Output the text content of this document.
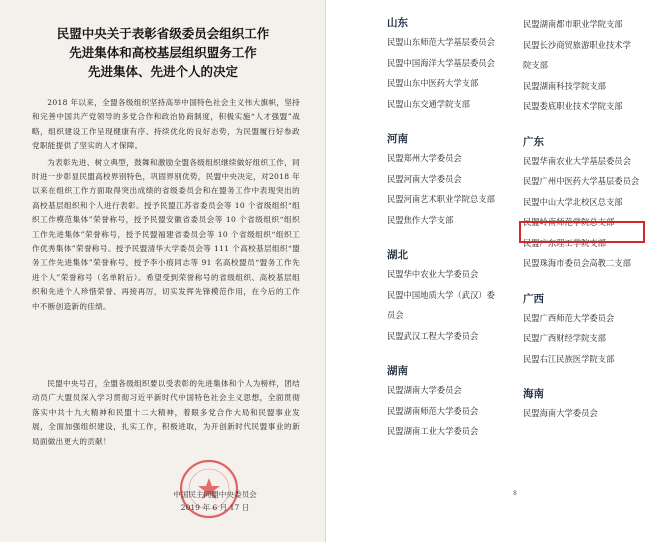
民盟中央关于表彰省级委员会组织工作
先进集体和高校基层组织盟务工作
先进集体、先进个人的决定

2018 年以来，全盟各级组织坚持高举中国特色社会主义伟大旗帜，坚持和完善中国共产党领导的多党合作和政治协商制度，积极实施“人才强盟”战略，组织建设工作呈现健康有序、持续优化的良好态势，为民盟履行好参政党职能提供了坚实的人才保障。

为表彰先进、树立典型，鼓舞和激励全盟各级组织继续做好组织工作，同时进一步彰显民盟高校界别特色，巩固界别优势，民盟中央决定，对2018 年以来在组织工作方面取得突出成绩的省级委员会和在盟务工作中表现突出的高校基层组织和个人进行表彰。授予民盟江苏省委员会等 10 个省级组织“组织工作模范集体”荣誉称号，授予民盟安徽省委员会等 10 个省级组织“组织工作先进集体”荣誉称号，授予民盟福建省委员会等 10 个省级组织“组织工作优秀集体”荣誉称号。授予民盟清华大学委员会等 111 个高校基层组织“盟务工作先进集体”荣誉称号，授予李小痕同志等 91 名高校盟员“盟务工作先进个人”荣誉称号（名单附后）。希望受到荣誉称号的省级组织、高校基层组织和先进个人珍惜荣誉、再接再厉，切实发挥先锋模范作用，在今后的工作中不断创造新的佳绩。

民盟中央号召，全盟各级组织要以受表彰的先进集体和个人为榜样，团结动员广大盟员深入学习贯彻习近平新时代中国特色社会主义思想，全面贯彻落实中共十九大精神和民盟十二大精神，着眼多党合作大局和民盟事业发展，全面加强组织建设，扎实工作，积极进取，为开创新时代民盟事业的新局面做出更大的贡献！
中国民主同盟中央委员会
2019 年 6 月 17 日
山东
民盟山东师范大学基层委员会
民盟中国海洋大学基层委员会
民盟山东中医药大学支部
民盟山东交通学院支部
河南
民盟郑州大学委员会
民盟河南大学委员会
民盟河南艺术职业学院总支部
民盟焦作大学支部
湖北
民盟华中农业大学委员会
民盟中国地质大学（武汉）委
员会
民盟武汉工程大学委员会
湖南
民盟湖南大学委员会
民盟湖南师范大学委员会
民盟湖南工业大学委员会
民盟湖南都市职业学院支部
民盟长沙商贸旅游职业技术学
院支部
民盟湖南科技学院支部
民盟娄底职业技术学院支部
广东
民盟华南农业大学基层委员会
民盟广州中医药大学基层委员会
民盟中山大学北校区总支部
民盟岭南师范学院总支部
民盟广东理工学院支部
民盟珠海市委员会高教二支部
广西
民盟广西师范大学委员会
民盟广西财经学院支部
民盟右江民族医学院支部
海南
民盟海南大学委员会
8
